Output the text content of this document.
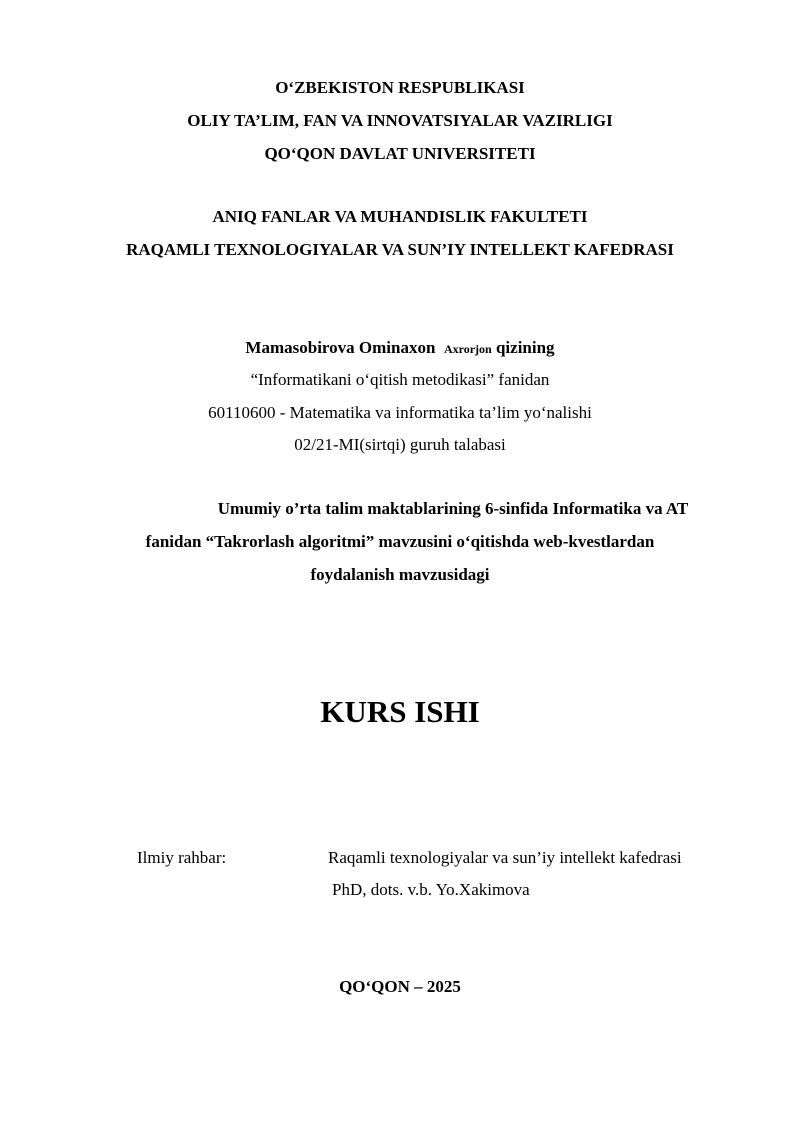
O‘ZBEKISTON RESPUBLIKASI
OLIY TA’LIM, FAN VA INNOVATSIYALAR VAZIRLIGI
QO‘QON DAVLAT UNIVERSITETI
ANIQ FANLAR VA MUHANDISLIK FAKULTETI
RAQAMLI TEXNOLOGIYALAR VA SUN’IY INTELLEKT KAFEDRASI
Mamasobirova Ominaxon Axrorjon qizining
“Informatikani o‘qitish metodikasi” fanidan
60110600 - Matematika va informatika ta’lim yo‘nalishi
02/21-MI(sirtqi) guruh talabasi
Umumiy o’rta talim maktablarining 6-sinfida Informatika va AT
fanidan “Takrorlash algoritmi” mavzusini o‘qitishda web-kvestlardan
foydalanish mavzusidagi
KURS ISHI
Ilmiy rahbar:	Raqamli texnologiyalar va sun’iy intellekt kafedrasi
PhD, dots. v.b. Yo.Xakimova
QO‘QON – 2025
